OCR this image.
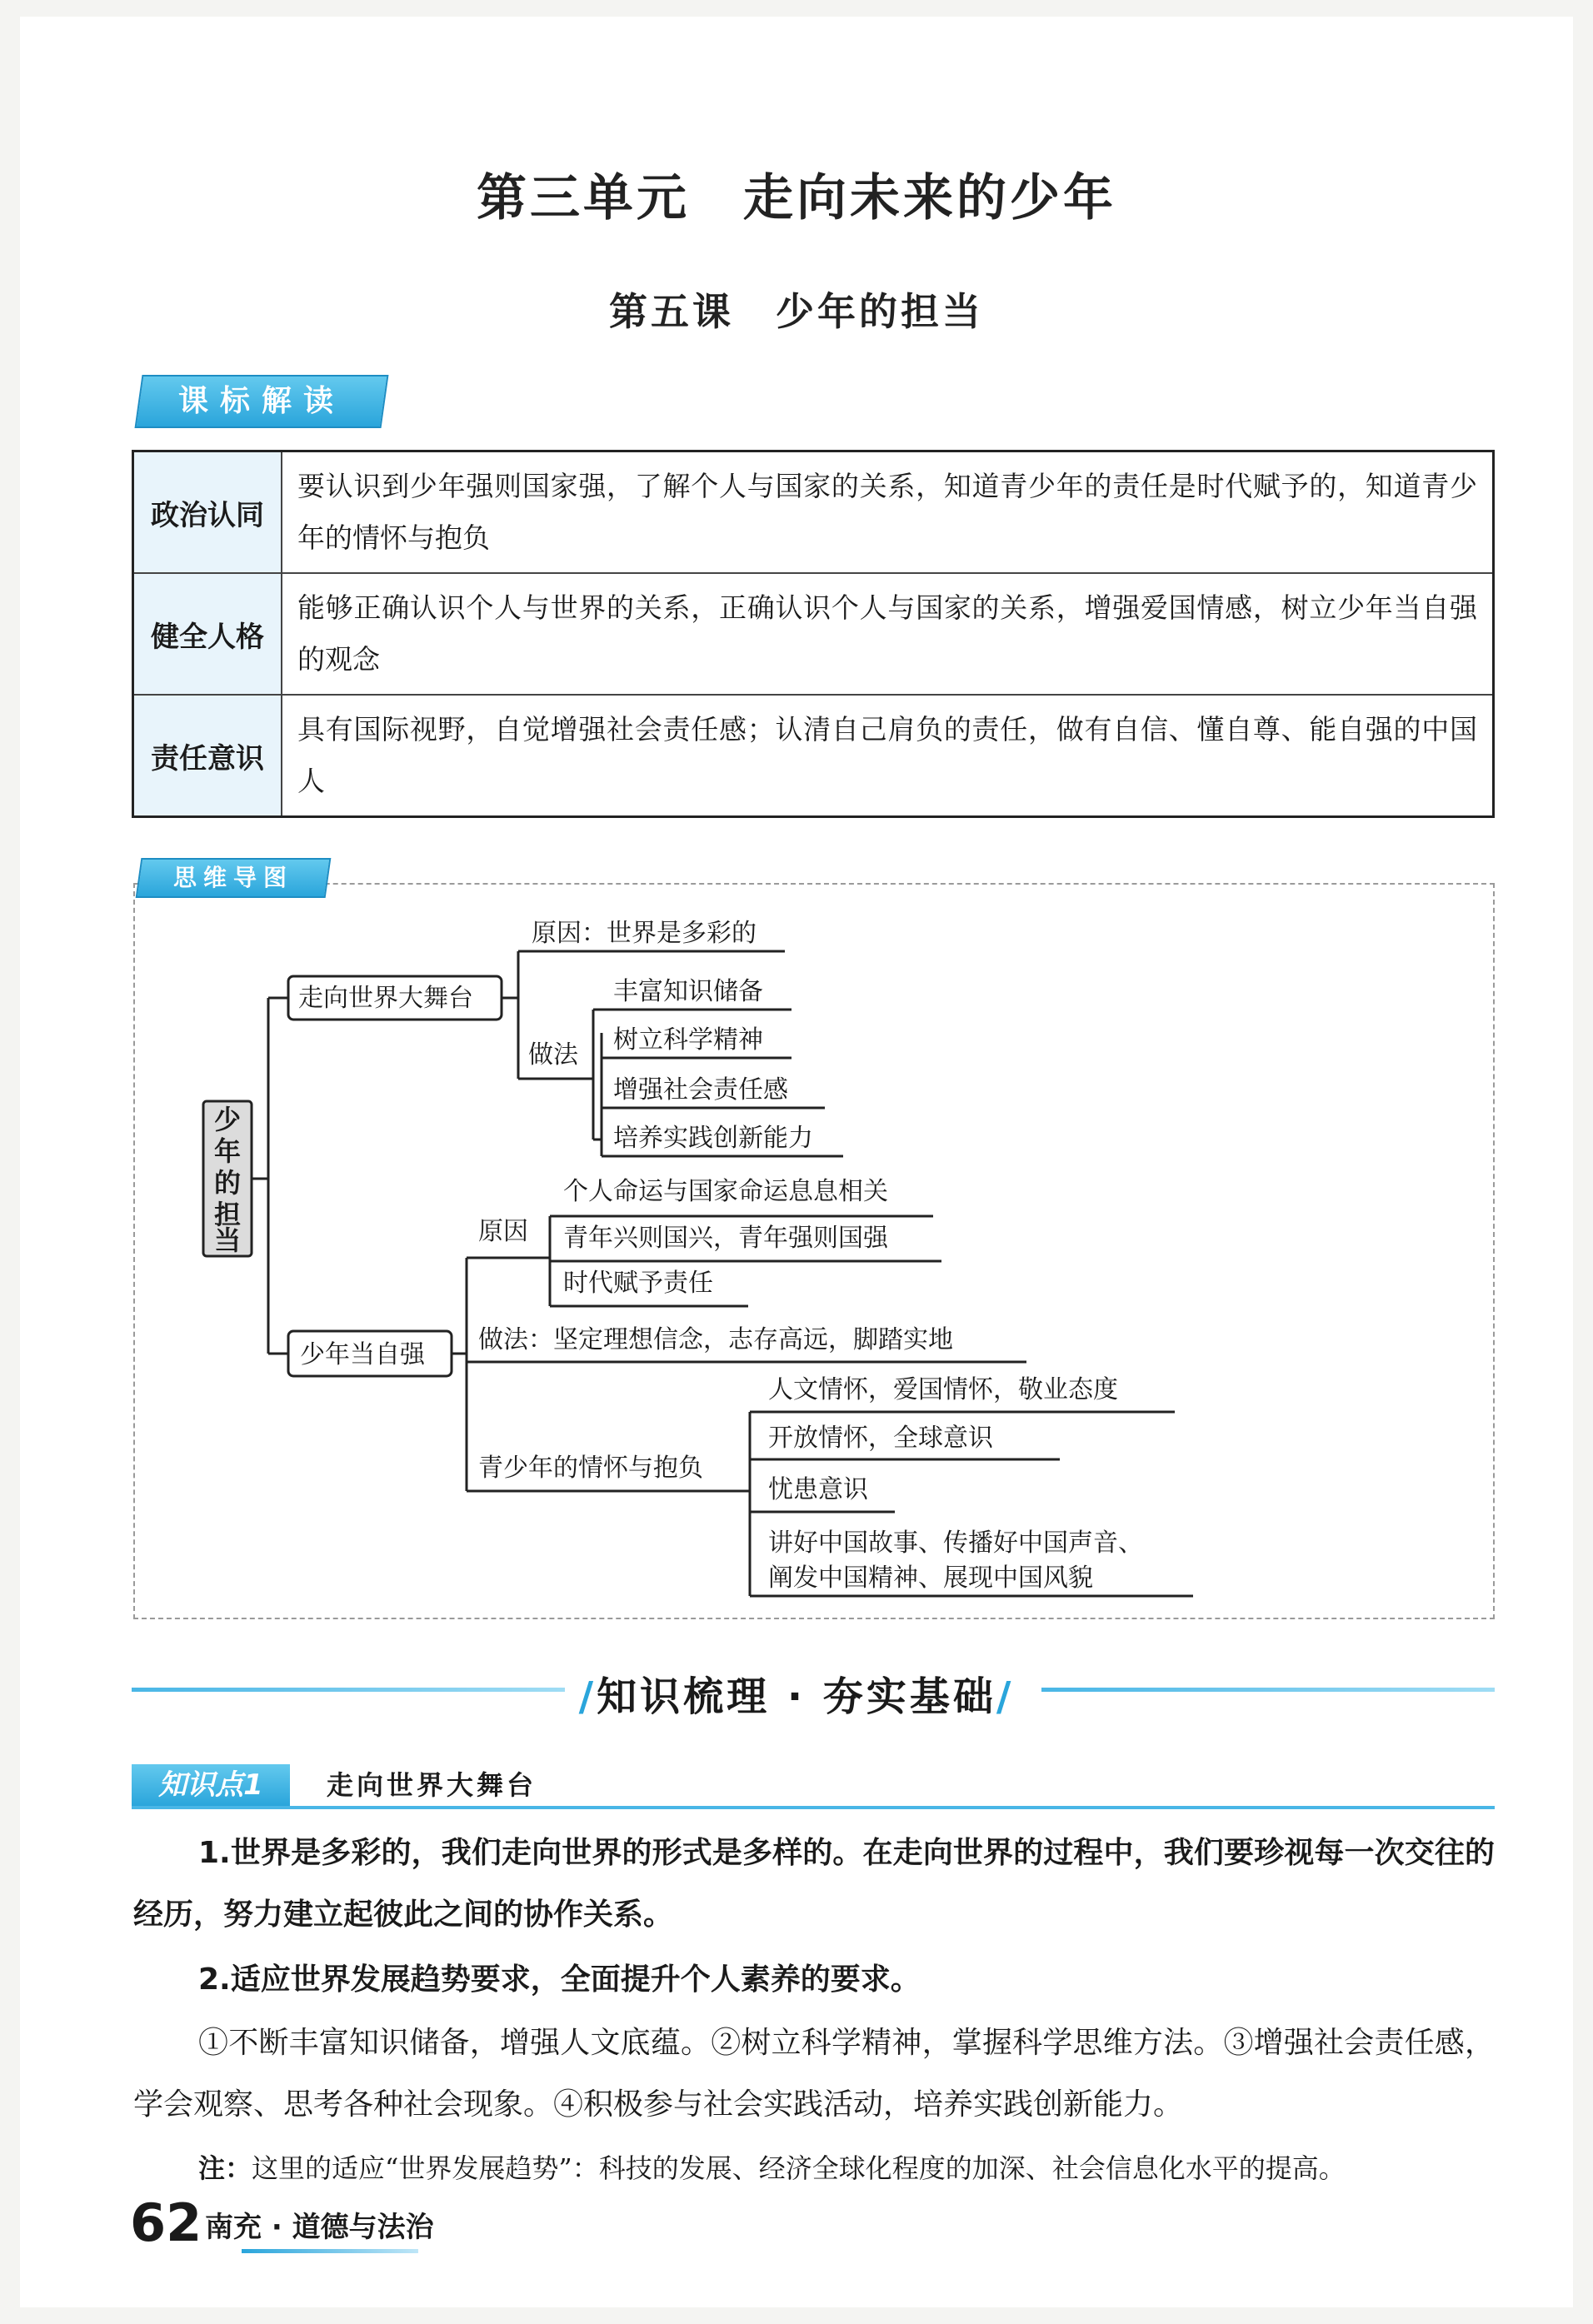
第三单元　走向未来的少年
第五课　少年的担当
课标解读
政治认同	要认识到少年强则国家强，了解个人与国家的关系，知道青少年的责任是时代赋予的，知道青少年的情怀与抱负
健全人格	能够正确认识个人与世界的关系，正确认识个人与国家的关系，增强爱国情感，树立少年当自强的观念
责任意识	具有国际视野，自觉增强社会责任感；认清自己肩负的责任，做有自信、懂自尊、能自强的中国人
思维导图
少
年
的
担
当
走向世界大舞台
原因：世界是多彩的
做法
丰富知识储备
树立科学精神
增强社会责任感
培养实践创新能力
少年当自强
原因
个人命运与国家命运息息相关
青年兴则国兴，青年强则国强
时代赋予责任
做法：坚定理想信念，志存高远，脚踏实地
青少年的情怀与抱负
人文情怀，爱国情怀，敬业态度
开放情怀，全球意识
忧患意识
讲好中国故事、传播好中国声音、
阐发中国精神、展现中国风貌
/知识梳理 · 夯实基础/
知识点1	走向世界大舞台
1.世界是多彩的，我们走向世界的形式是多样的。在走向世界的过程中，我们要珍视每一次交往的经历，努力建立起彼此之间的协作关系。
2.适应世界发展趋势要求，全面提升个人素养的要求。
①不断丰富知识储备，增强人文底蕴。②树立科学精神，掌握科学思维方法。③增强社会责任感，学会观察、思考各种社会现象。④积极参与社会实践活动，培养实践创新能力。
注：这里的适应“世界发展趋势”：科技的发展、经济全球化程度的加深、社会信息化水平的提高。
62 南充 · 道德与法治
